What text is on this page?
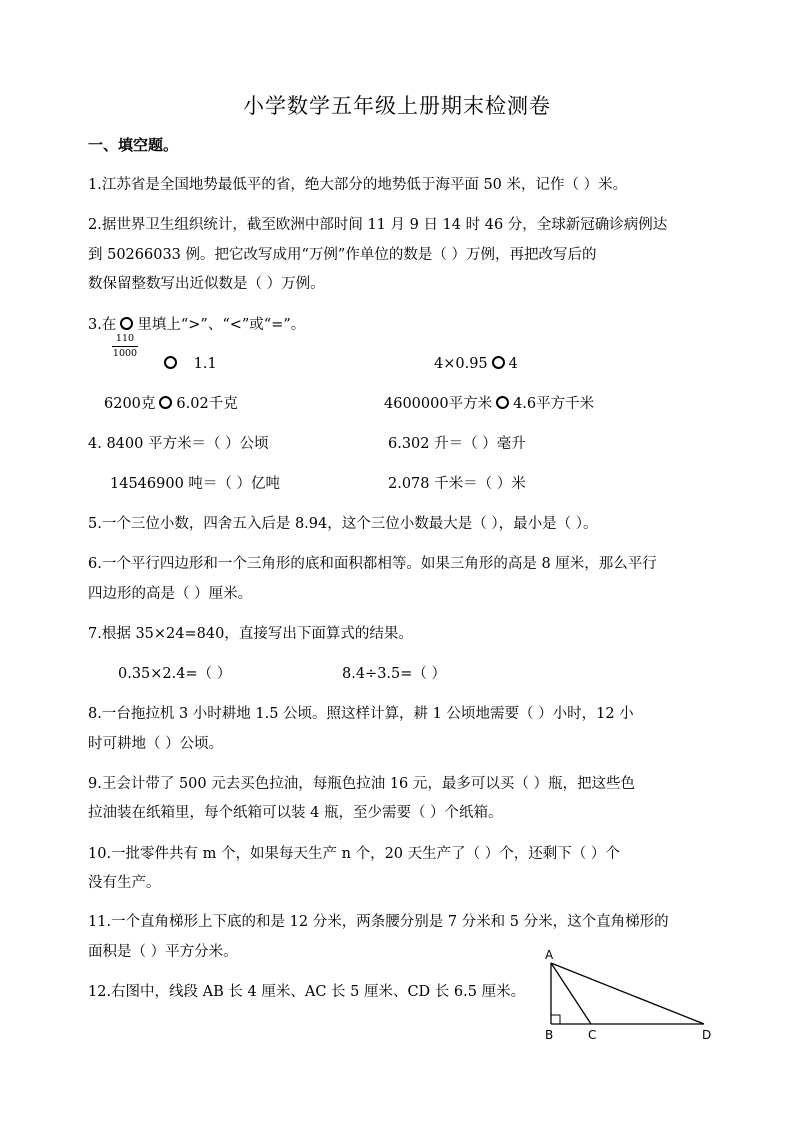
小学数学五年级上册期末检测卷
一、填空题。
1.江苏省是全国地势最低平的省，绝大部分的地势低于海平面 50 米，记作（ ）米。
2.据世界卫生组织统计，截至欧洲中部时间 11 月 9 日 14 时 46 分，全球新冠确诊病例达
到 50266033 例。把它改写成用“万例”作单位的数是（ ）万例，再把改写后的
数保留整数写出近似数是（ ）万例。
3.在 里填上“>”、“<”或“=”。
110
1000
1.1	4×0.95 4
6200克 6.02千克	4600000平方米 4.6平方千米
4. 8400 平方米＝（ ）公顷	6.302 升＝（ ）毫升
14546900 吨＝（ ）亿吨	2.078 千米＝（ ）米
5.一个三位小数，四舍五入后是 8.94，这个三位小数最大是（ ），最小是（ ）。
6.一个平行四边形和一个三角形的底和面积都相等。如果三角形的高是 8 厘米，那么平行
四边形的高是（ ）厘米。
7.根据 35×24=840，直接写出下面算式的结果。
0.35×2.4=（ ）	8.4÷3.5=（ ）
8.一台拖拉机 3 小时耕地 1.5 公顷。照这样计算，耕 1 公顷地需要（ ）小时，12 小
时可耕地（ ）公顷。
9.王会计带了 500 元去买色拉油，每瓶色拉油 16 元，最多可以买（ ）瓶，把这些色
拉油装在纸箱里，每个纸箱可以装 4 瓶，至少需要（ ）个纸箱。
10.一批零件共有 m 个，如果每天生产 n 个，20 天生产了（ ）个，还剩下（ ）个
没有生产。
11.一个直角梯形上下底的和是 12 分米，两条腰分别是 7 分米和 5 分米，这个直角梯形的
面积是（ ）平方分米。
12.右图中，线段 AB 长 4 厘米、AC 长 5 厘米、CD 长 6.5 厘米。
A
B	C	D
